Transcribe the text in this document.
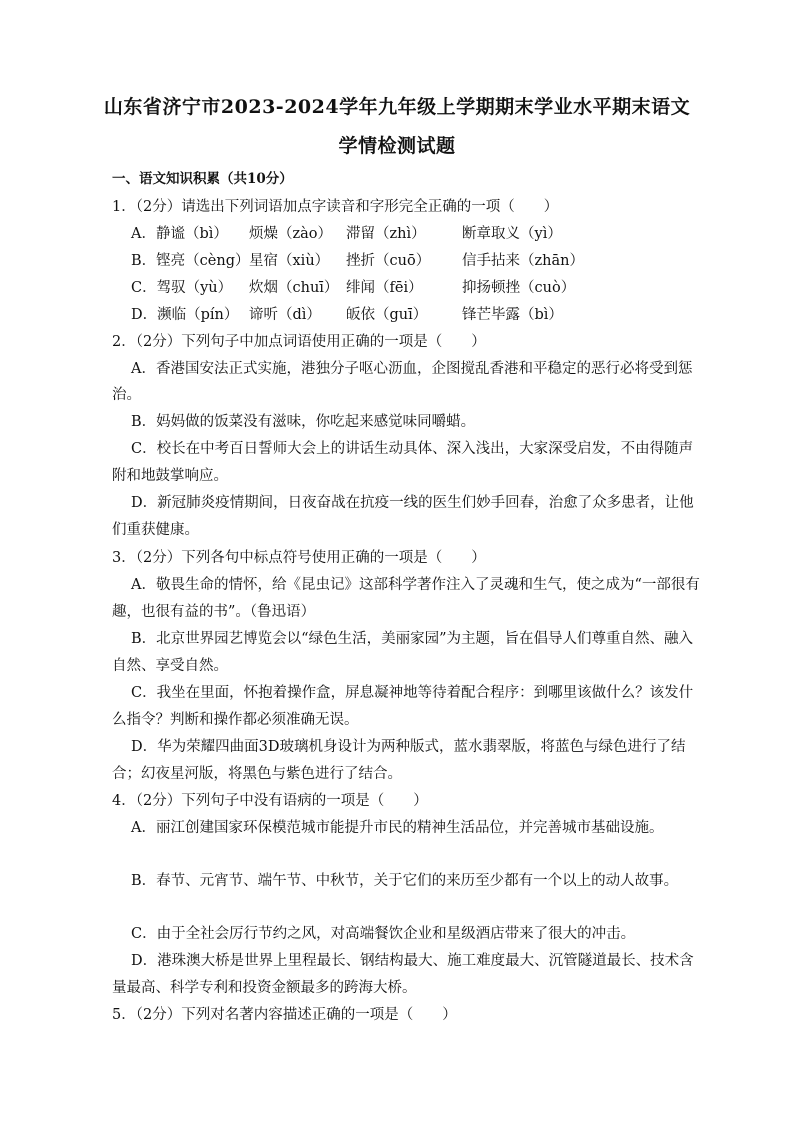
山东省济宁市2023-2024学年九年级上学期期末学业水平期末语文
学情检测试题
一、语文知识积累（共10分）
1．（2分）请选出下列词语加点字读音和字形完全正确的一项（　　）
A．静谧（bì） 烦燥（zào） 滞留（zhì）	断章取义（yì）
B．铿亮（cèng）星宿（xiù） 挫折（cuō） 信手拈来（zhān）
C．驾驭（yù） 炊烟（chuī） 绯闻（fēi）	抑扬顿挫（cuò）
D．濒临（pín） 谛听（dì） 皈依（guī） 锋芒毕露（bì）
2．（2分）下列句子中加点词语使用正确的一项是（　　）
A．香港国安法正式实施，港独分子呕心沥血，企图搅乱香港和平稳定的恶行必将受到惩
治。
B．妈妈做的饭菜没有滋味，你吃起来感觉味同嚼蜡。
C．校长在中考百日誓师大会上的讲话生动具体、深入浅出，大家深受启发，不由得随声
附和地鼓掌响应。
D．新冠肺炎疫情期间，日夜奋战在抗疫一线的医生们妙手回春，治愈了众多患者，让他
们重获健康。
3．（2分）下列各句中标点符号使用正确的一项是（　　）
A．敬畏生命的情怀，给《昆虫记》这部科学著作注入了灵魂和生气，使之成为“一部很有
趣，也很有益的书”。（鲁迅语）
B．北京世界园艺博览会以“绿色生活，美丽家园”为主题，旨在倡导人们尊重自然、融入
自然、享受自然。
C．我坐在里面，怀抱着操作盒，屏息凝神地等待着配合程序：到哪里该做什么？该发什
么指令？判断和操作都必须准确无误。
D．华为荣耀四曲面3D玻璃机身设计为两种版式，蓝水翡翠版，将蓝色与绿色进行了结
合；幻夜星河版，将黑色与紫色进行了结合。
4．（2分）下列句子中没有语病的一项是（　　）
A．丽江创建国家环保模范城市能提升市民的精神生活品位，并完善城市基础设施。
B．春节、元宵节、端午节、中秋节，关于它们的来历至少都有一个以上的动人故事。
C．由于全社会厉行节约之风，对高端餐饮企业和星级酒店带来了很大的冲击。
D．港珠澳大桥是世界上里程最长、钢结构最大、施工难度最大、沉管隧道最长、技术含
量最高、科学专利和投资金额最多的跨海大桥。
5．（2分）下列对名著内容描述正确的一项是（　　）
